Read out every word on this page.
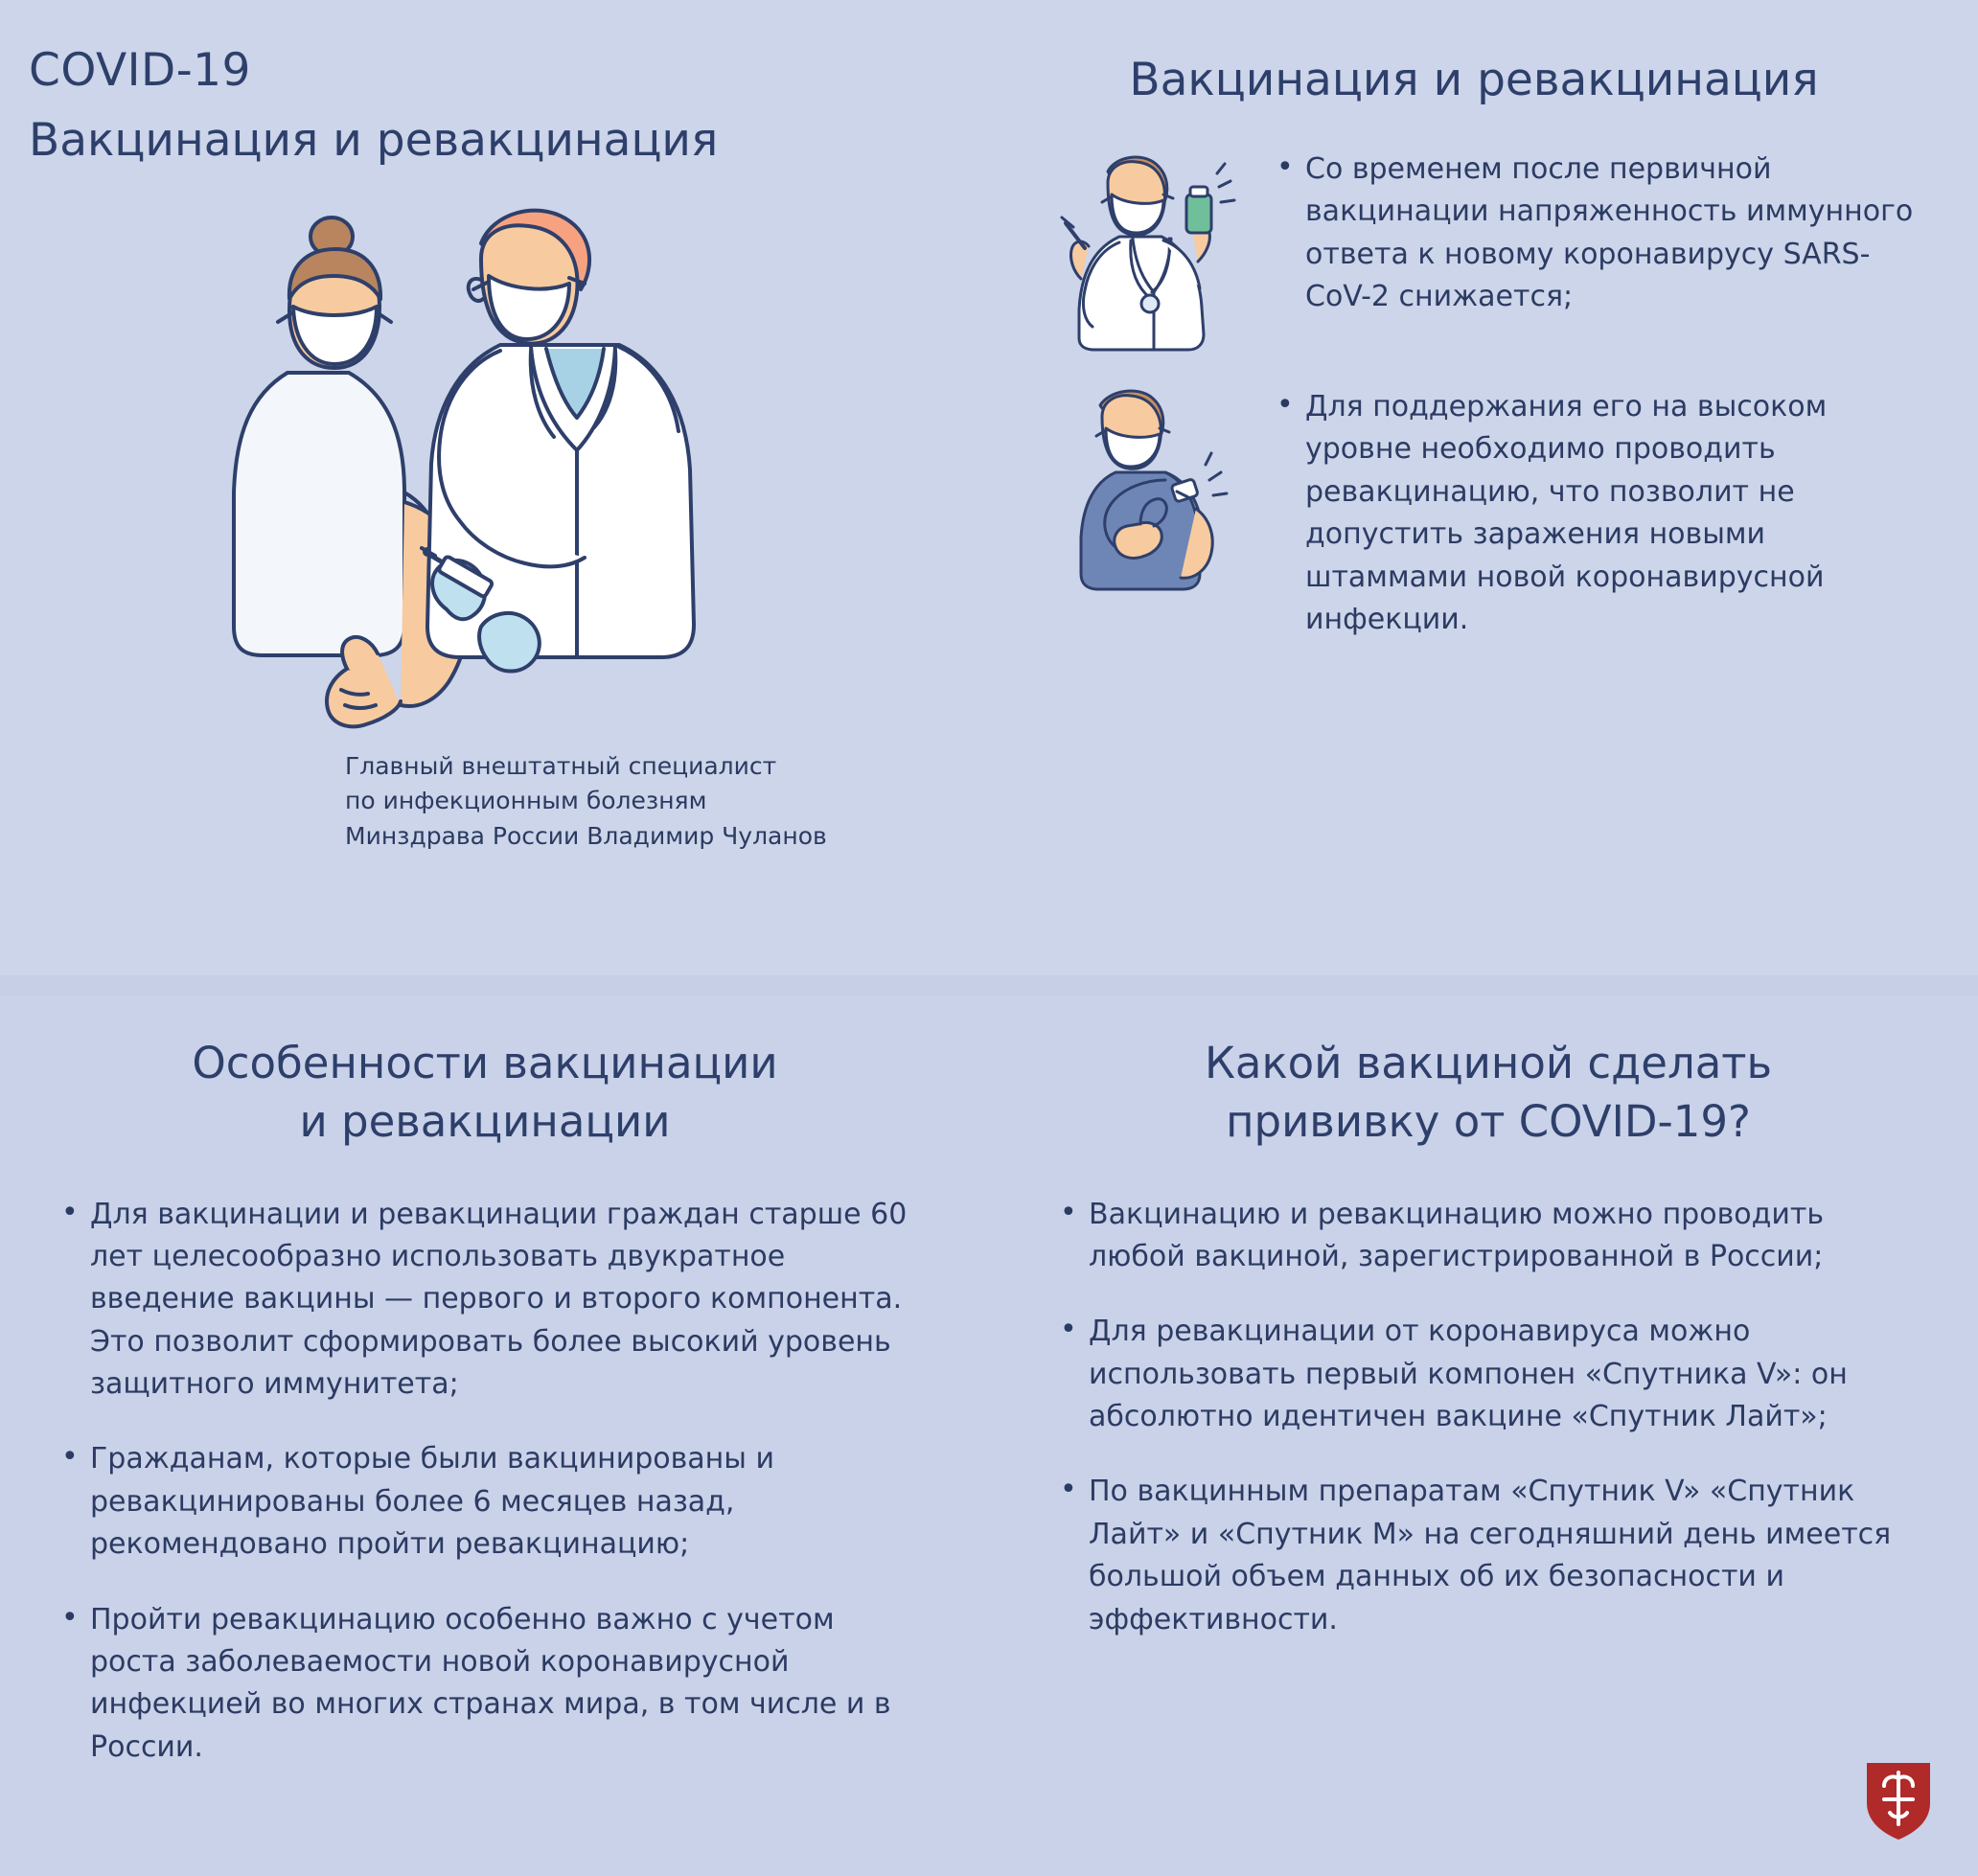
COVID-19
Вакцинация и ревакцинация
Главный внештатный специалист
по инфекционным болезням
Минздрава России Владимир Чуланов
Вакцинация и ревакцинация
• Со временем после первичной вакцинации напряженность иммунного ответа к новому коронавирусу SARS-CoV-2 снижается;
• Для поддержания его на высоком уровне необходимо проводить ревакцинацию, что позволит не допустить заражения новыми штаммами новой коронавирусной инфекции.
Особенности вакцинации
и ревакцинации
• Для вакцинации и ревакцинации граждан старше 60 лет целесообразно использовать двукратное введение вакцины — первого и второго компонента. Это позволит сформировать более высокий уровень защитного иммунитета;
• Гражданам, которые были вакцинированы и ревакцинированы более 6 месяцев назад, рекомендовано пройти ревакцинацию;
• Пройти ревакцинацию особенно важно с учетом роста заболеваемости новой коронавирусной инфекцией во многих странах мира, в том числе и в России.
Какой вакциной сделать
прививку от COVID-19?
• Вакцинацию и ревакцинацию можно проводить любой вакциной, зарегистрированной в России;
• Для ревакцинации от коронавируса можно использовать первый компонен «Спутника V»: он абсолютно идентичен вакцине «Спутник Лайт»;
• По вакцинным препаратам «Спутник V» «Спутник Лайт» и «Спутник М» на сегодняшний день имеется большой объем данных об их безопасности и эффективности.
